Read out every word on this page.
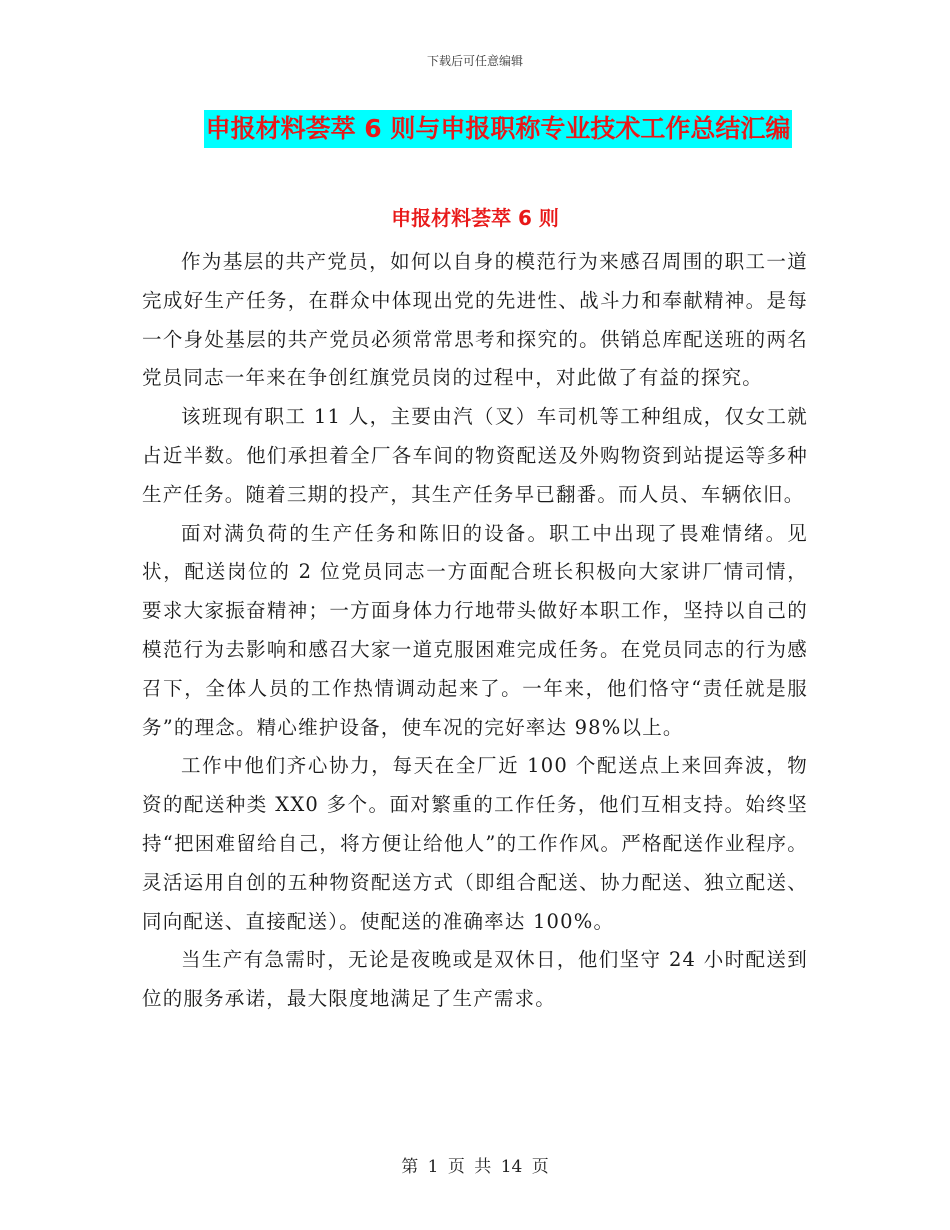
下载后可任意编辑
申报材料荟萃 6 则与申报职称专业技术工作总结汇编
申报材料荟萃 6 则

作为基层的共产党员，如何以自身的模范行为来感召周围的职工一道完成好生产任务，在群众中体现出党的先进性、战斗力和奉献精神。是每一个身处基层的共产党员必须常常思考和探究的。供销总库配送班的两名党员同志一年来在争创红旗党员岗的过程中，对此做了有益的探究。

该班现有职工 11 人，主要由汽（叉）车司机等工种组成，仅女工就占近半数。他们承担着全厂各车间的物资配送及外购物资到站提运等多种生产任务。随着三期的投产，其生产任务早已翻番。而人员、车辆依旧。

面对满负荷的生产任务和陈旧的设备。职工中出现了畏难情绪。见状，配送岗位的 2 位党员同志一方面配合班长积极向大家讲厂情司情，要求大家振奋精神；一方面身体力行地带头做好本职工作，坚持以自己的模范行为去影响和感召大家一道克服困难完成任务。在党员同志的行为感召下，全体人员的工作热情调动起来了。一年来，他们恪守“责任就是服务”的理念。精心维护设备，使车况的完好率达 98%以上。

工作中他们齐心协力，每天在全厂近 100 个配送点上来回奔波，物资的配送种类 XX0 多个。面对繁重的工作任务，他们互相支持。始终坚持“把困难留给自己，将方便让给他人”的工作作风。严格配送作业程序。灵活运用自创的五种物资配送方式（即组合配送、协力配送、独立配送、同向配送、直接配送）。使配送的准确率达 100%。

当生产有急需时，无论是夜晚或是双休日，他们坚守 24 小时配送到位的服务承诺，最大限度地满足了生产需求。

第 1 页 共 14 页
